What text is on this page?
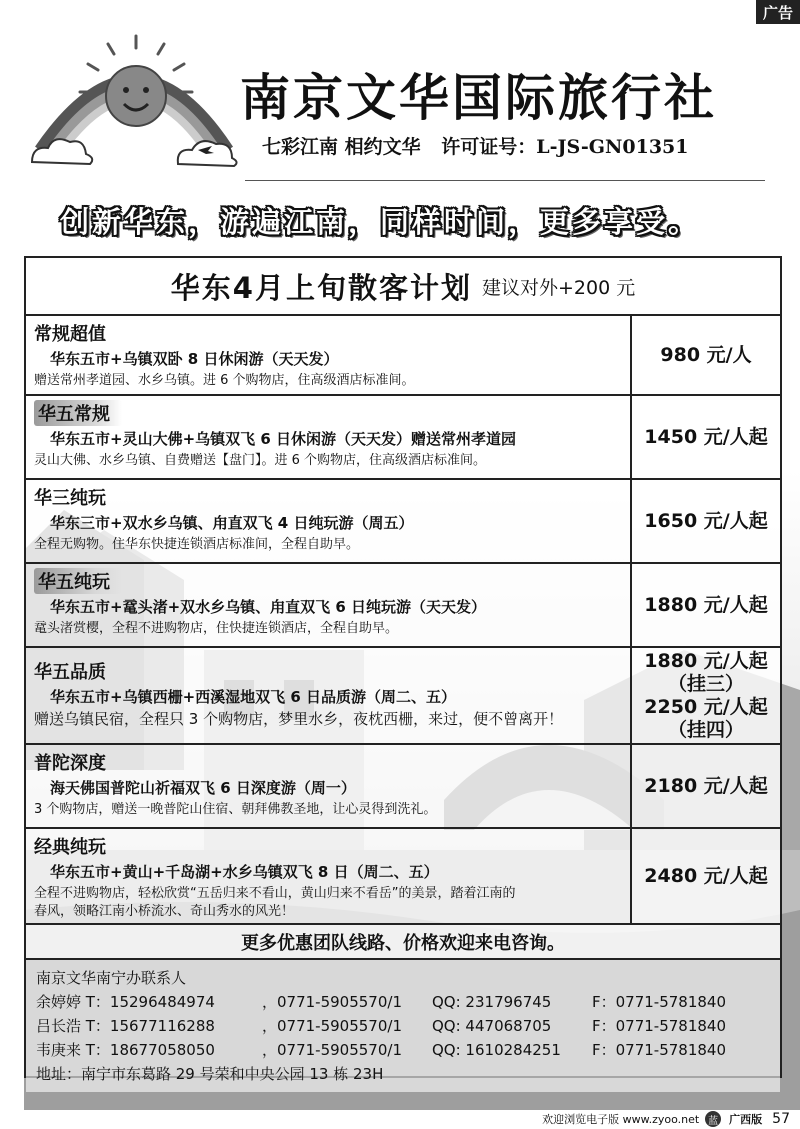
广告
南京文华国际旅行社
七彩江南 相约文华 许可证号：L-JS-GN01351
创新华东，游遍江南，同样时间，更多享受。
华东4月上旬散客计划 建议对外+200 元
常规超值
华东五市+乌镇双卧 8 日休闲游（天天发）
赠送常州孝道园、水乡乌镇。进 6 个购物店，住高级酒店标准间。
980 元/人
华五常规
华东五市+灵山大佛+乌镇双飞 6 日休闲游（天天发）赠送常州孝道园
灵山大佛、水乡乌镇、自费赠送【盘门】。进 6 个购物店，住高级酒店标准间。
1450 元/人起
华三纯玩
华东三市+双水乡乌镇、甪直双飞 4 日纯玩游（周五）
全程无购物。住华东快捷连锁酒店标准间，全程自助早。
1650 元/人起
华五纯玩
华东五市+鼋头渚+双水乡乌镇、甪直双飞 6 日纯玩游（天天发）
鼋头渚赏樱，全程不进购物店，住快捷连锁酒店，全程自助早。
1880 元/人起
华五品质
华东五市+乌镇西栅+西溪湿地双飞 6 日品质游（周二、五）
赠送乌镇民宿，全程只 3 个购物店，梦里水乡，夜枕西栅，来过，便不曾离开！
1880 元/人起
（挂三）
2250 元/人起
（挂四）
普陀深度
海天佛国普陀山祈福双飞 6 日深度游（周一）
3 个购物店，赠送一晚普陀山住宿、朝拜佛教圣地，让心灵得到洗礼。
2180 元/人起
经典纯玩
华东五市+黄山+千岛湖+水乡乌镇双飞 8 日（周二、五）
全程不进购物店，轻松欣赏“五岳归来不看山，黄山归来不看岳”的美景，踏着江南的
春风，领略江南小桥流水、奇山秀水的风光！
2480 元/人起
更多优惠团队线路、价格欢迎来电咨询。
南京文华南宁办联系人
余婷婷 T：15296484974	，0771-5905570/1	QQ: 231796745	F：0771-5781840
吕长浩 T：15677116288	，0771-5905570/1	QQ: 447068705	F：0771-5781840
韦庚来 T：18677058050	，0771-5905570/1	QQ: 1610284251	F：0771-5781840
地址：南宁市东葛路 29 号荣和中央公园 13 栋 23H
欢迎浏览电子版 www.zyoo.net 蓝 广西版 57
